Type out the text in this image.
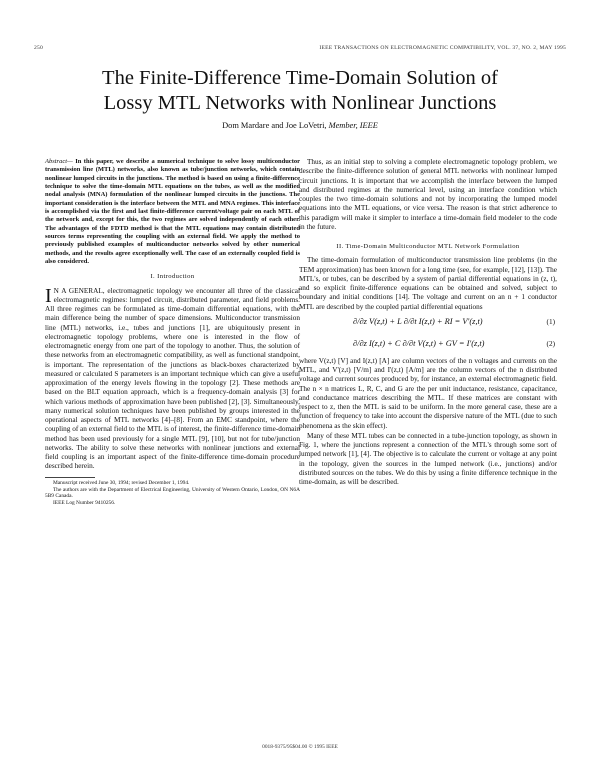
250	IEEE TRANSACTIONS ON ELECTROMAGNETIC COMPATIBILITY, VOL. 37, NO. 2, MAY 1995
The Finite-Difference Time-Domain Solution of
Lossy MTL Networks with Nonlinear Junctions
Dom Mardare and Joe LoVetri, Member, IEEE

Abstract— In this paper, we describe a numerical technique to solve lossy multiconductor transmission line (MTL) networks, also known as tube/junction networks, which contain nonlinear lumped circuits in the junctions. The method is based on using a finite-difference technique to solve the time-domain MTL equations on the tubes, as well as the modified nodal analysis (MNA) formulation of the nonlinear lumped circuits in the junctions. The important consideration is the interface between the MTL and MNA regimes. This interface is accomplished via the first and last finite-difference current/voltage pair on each MTL of the network and, except for this, the two regimes are solved independently of each other. The advantages of the FDTD method is that the MTL equations may contain distributed sources terms representing the coupling with an external field. We apply the method to previously published examples of multiconductor networks solved by other numerical methods, and the results agree exceptionally well. The case of an externally coupled field is also considered.

I. Introduction

I N A GENERAL, electromagnetic topology we encounter all three of the classical electromagnetic regimes: lumped circuit, distributed parameter, and field problems. All three regimes can be formulated as time-domain differential equations, with the main difference being the number of space dimensions. Multiconductor transmission line (MTL) networks, i.e., tubes and junctions [1], are ubiquitously present in electromagnetic topology problems, where one is interested in the flow of electromagnetic energy from one part of the topology to another. Thus, the solution of these networks from an electromagnetic compatibility, as well as functional standpoint, is important. The representation of the junctions as black-boxes characterized by measured or calculated S parameters is an important technique which can give a useful approximation of the energy levels flowing in the topology [2]. These methods are based on the BLT equation approach, which is a frequency-domain analysis [3] for which various methods of approximation have been published [2], [3]. Simultaneously, many numerical solution techniques have been published by groups interested in the operational aspects of MTL networks [4]–[8]. From an EMC standpoint, where the coupling of an external field to the MTL is of interest, the finite-difference time-domain method has been used previously for a single MTL [9], [10], but not for tube/junction networks. The ability to solve these networks with nonlinear junctions and external field coupling is an important aspect of the finite-difference time-domain procedure described herein.

Manuscript received June 30, 1994; revised December 1, 1994.

The authors are with the Department of Electrical Engineering, University of Western Ontario, London, ON N6A 5B9 Canada.

IEEE Log Number 9410256.

Thus, as an initial step to solving a complete electromagnetic topology problem, we describe the finite-difference solution of general MTL networks with nonlinear lumped circuit junctions. It is important that we accomplish the interface between the lumped and distributed regimes at the numerical level, using an interface condition which couples the two time-domain solutions and not by incorporating the lumped model equations into the MTL equations, or vice versa. The reason is that strict adherence to this paradigm will make it simpler to interface a time-domain field modeler to the code in the future.

II. Time-Domain Multiconductor MTL Network Formulation

The time-domain formulation of multiconductor transmission line problems (in the TEM approximation) has been known for a long time (see, for example, [12], [13]). The MTL's, or tubes, can be described by a system of partial differential equations in (z, t), and so explicit finite-difference equations can be obtained and solved, subject to boundary and initial conditions [14]. The voltage and current on an n + 1 conductor MTL are described by the coupled partial differential equations

∂/∂z V(z,t) + L ∂/∂t I(z,t) + RI = V'(z,t)	(1)
∂/∂z I(z,t) + C ∂/∂t V(z,t) + GV = I'(z,t)	(2)

where V(z,t) [V] and I(z,t) [A] are column vectors of the n voltages and currents on the MTL, and V'(z,t) [V/m] and I'(z,t) [A/m] are the column vectors of the n distributed voltage and current sources produced by, for instance, an external electromagnetic field. The n × n matrices L, R, C, and G are the per unit inductance, resistance, capacitance, and conductance matrices describing the MTL. If these matrices are constant with respect to z, then the MTL is said to be uniform. In the more general case, these are a function of frequency to take into account the dispersive nature of the MTL (due to such phenomena as the skin effect).

Many of these MTL tubes can be connected in a tube-junction topology, as shown in Fig. 1, where the junctions represent a connection of the MTL's through some sort of lumped network [1], [4]. The objective is to calculate the current or voltage at any point in the topology, given the sources in the lumped network (i.e., junctions) and/or distributed sources on the tubes. We do this by using a finite difference technique in the time-domain, as will be described.

0018-9375/95$04.00 © 1995 IEEE
